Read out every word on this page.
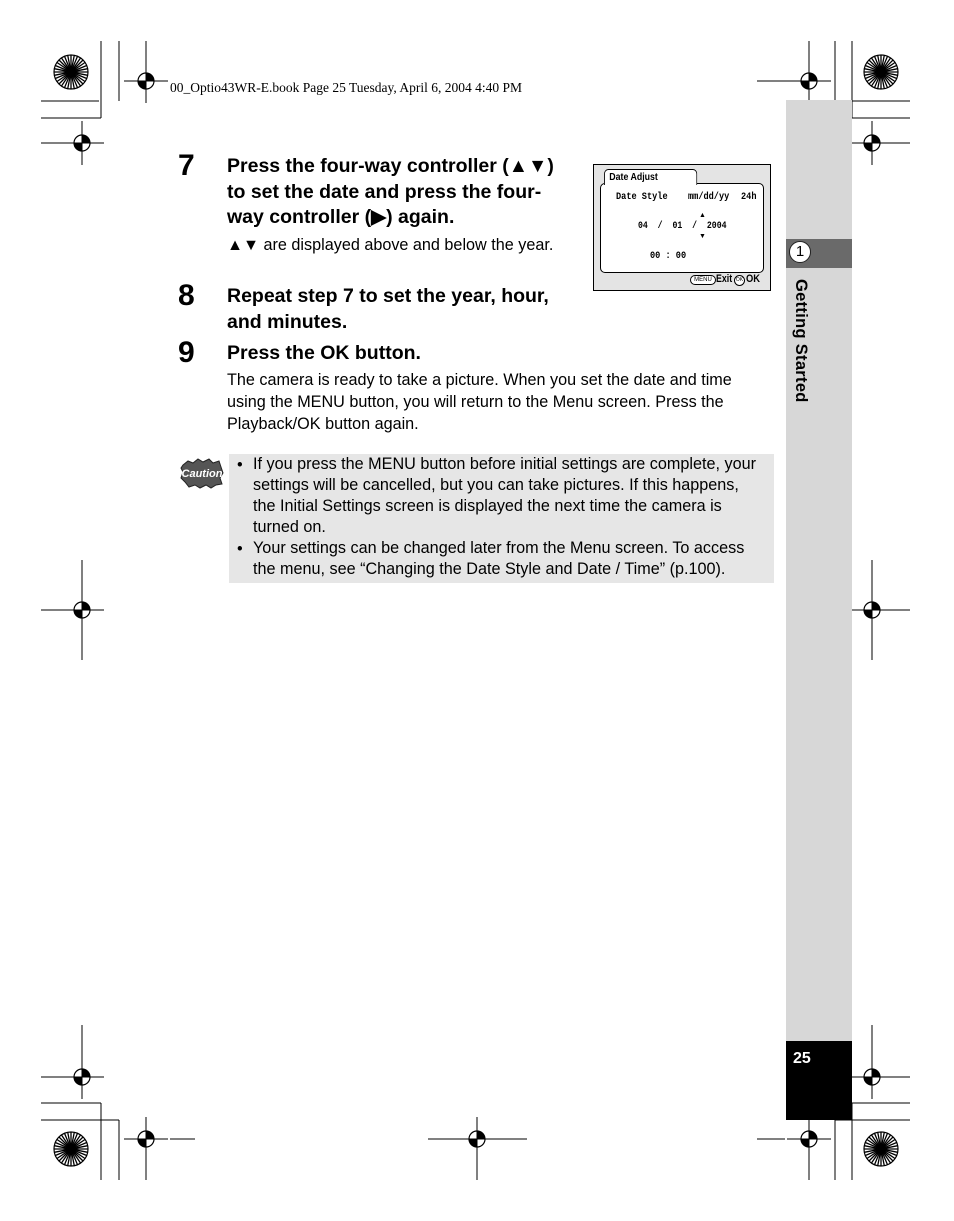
1
Getting Started
25
00_Optio43WR-E.book Page 25 Tuesday, April 6, 2004 4:40 PM
7 Press the four-way controller (▲▼)
to set the date and press the four-
way controller (▶) again.
▲▼ are displayed above and below the year.
Date Adjust
Date Style mm/dd/yy 24h
▲
04  /  01  /  2004
▼
00 : 00
MENU Exit OK OK
8 Repeat step 7 to set the year, hour,
and minutes.
9 Press the OK button.
The camera is ready to take a picture. When you set the date and time
using the MENU button, you will return to the Menu screen. Press the
Playback/OK button again.
Caution • If you press the MENU button before initial settings are complete, your
settings will be cancelled, but you can take pictures. If this happens,
the Initial Settings screen is displayed the next time the camera is
turned on.
• Your settings can be changed later from the Menu screen. To access
the menu, see “Changing the Date Style and Date / Time” (p.100).
